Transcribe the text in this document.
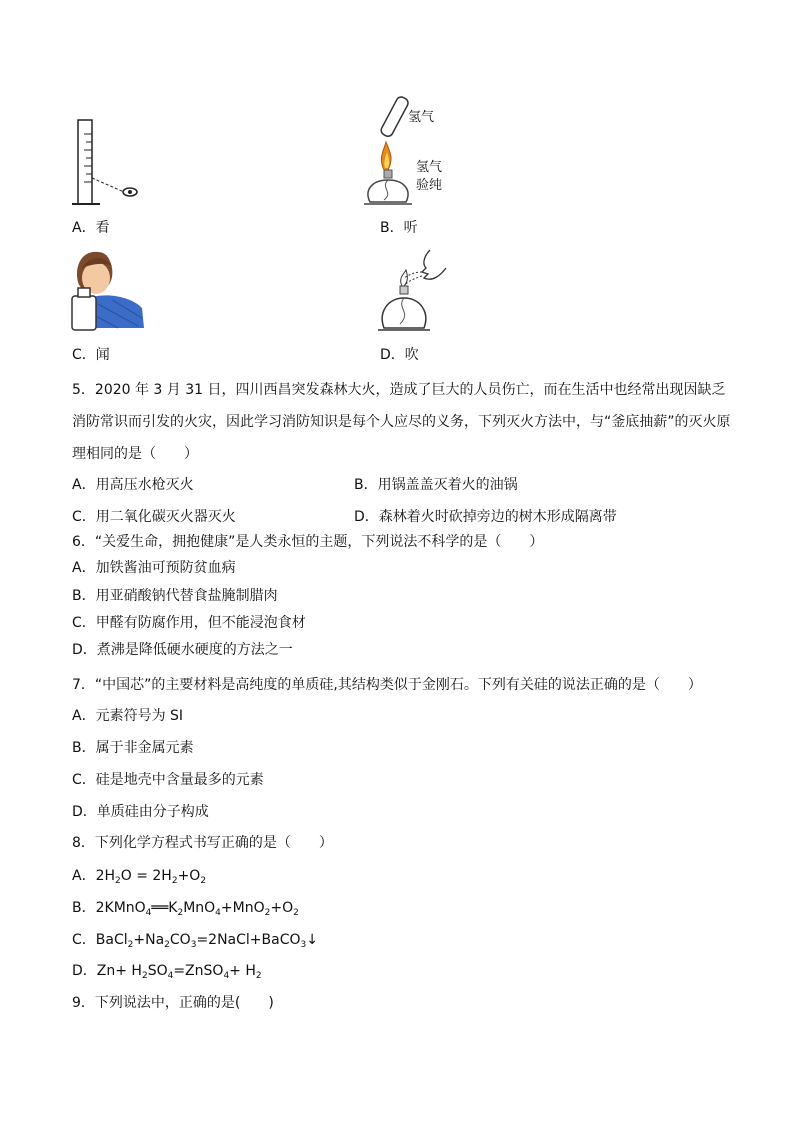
A．看
氢气
氢气
验纯
B．听
C．闻	D．吹
5．2020 年 3 月 31 日，四川西昌突发森林大火，造成了巨大的人员伤亡，而在生活中也经常出现因缺乏消防常识而引发的火灾，因此学习消防知识是每个人应尽的义务，下列灭火方法中，与“釜底抽薪”的灭火原理相同的是（　　）
A．用高压水枪灭火	B．用锅盖盖灭着火的油锅
C．用二氧化碳灭火器灭火	D．森林着火时砍掉旁边的树木形成隔离带
6．“关爱生命，拥抱健康”是人类永恒的主题，下列说法不科学的是（　　）
A．加铁酱油可预防贫血病
B．用亚硝酸钠代替食盐腌制腊肉
C．甲醛有防腐作用，但不能浸泡食材
D．煮沸是降低硬水硬度的方法之一
7．“中国芯”的主要材料是高纯度的单质硅,其结构类似于金刚石。下列有关硅的说法正确的是（　　）
A．元素符号为 SI
B．属于非金属元素
C．硅是地壳中含量最多的元素
D．单质硅由分子构成
8．下列化学方程式书写正确的是（　　）
A．$2H_2O = 2H_2+O_2$
B．$2KMnO_4══K_2MnO_4+MnO_2+O_2$
C．$BaCl_2+Na_2CO_3=2NaCl+BaCO_3↓$
D．$Zn+ H_2SO_4=ZnSO_4+ H_2$
9．下列说法中，正确的是(　　)
